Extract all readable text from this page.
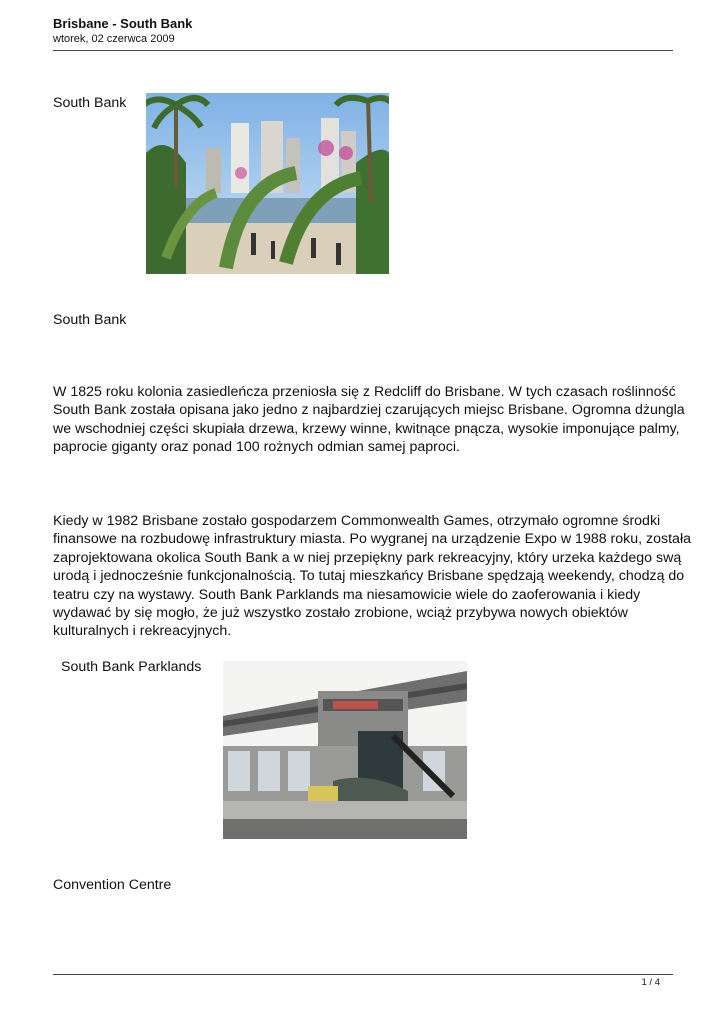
Brisbane - South Bank
wtorek, 02 czerwca 2009
South Bank
South Bank

W 1825 roku kolonia zasiedleńcza przeniosła się z Redcliff do Brisbane. W tych czasach roślinność South Bank została opisana jako jedno z najbardziej czarujących miejsc Brisbane. Ogromna dżungla we wschodniej części skupiała drzewa, krzewy winne, kwitnące pnącza, wysokie imponujące palmy, paprocie giganty oraz ponad 100 rożnych odmian samej paproci.

Kiedy w 1982 Brisbane zostało gospodarzem Commonwealth Games, otrzymało ogromne środki finansowe na rozbudowę infrastruktury miasta. Po wygranej na urządzenie Expo w 1988 roku, została zaprojektowana okolica South Bank a w niej przepiękny park rekreacyjny, który urzeka każdego swą urodą i jednocześnie funkcjonalnością. To tutaj mieszkańcy Brisbane spędzają weekendy, chodzą do teatru czy na wystawy. South Bank Parklands ma niesamowicie wiele do zaoferowania i kiedy wydawać by się mogło, że już wszystko zostało zrobione, wciąż przybywa nowych obiektów kulturalnych i rekreacyjnych.

South Bank Parklands
Convention Centre
1 / 4
